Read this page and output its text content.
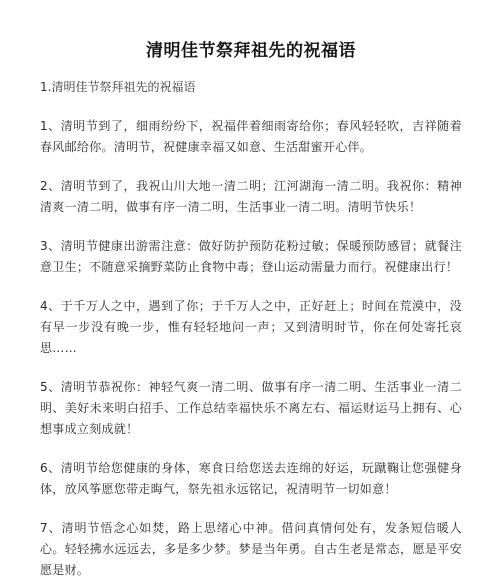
清明佳节祭拜祖先的祝福语

1.清明佳节祭拜祖先的祝福语

1、清明节到了，细雨纷纷下，祝福伴着细雨寄给你；春风轻轻吹，吉祥随着春风邮给你。清明节，祝健康幸福又如意、生活甜蜜开心伴。

2、清明节到了，我祝山川大地一清二明；江河湖海一清二明。我祝你：精神清爽一清二明，做事有序一清二明，生活事业一清二明。清明节快乐！

3、清明节健康出游需注意：做好防护预防花粉过敏；保暖预防感冒；就餐注意卫生；不随意采摘野菜防止食物中毒；登山运动需量力而行。祝健康出行！

4、于千万人之中，遇到了你；于千万人之中，正好赶上；时间在荒漠中，没有早一步没有晚一步，惟有轻轻地问一声；又到清明时节，你在何处寄托哀思……

5、清明节恭祝你：神轻气爽一清二明、做事有序一清二明、生活事业一清二明、美好未来明白招手、工作总结幸福快乐不离左右、福运财运马上拥有、心想事成立刻成就！

6、清明节给您健康的身体，寒食日给您送去连绵的好运，玩蹴鞠让您强健身体，放风筝愿您带走晦气，祭先祖永远铭记，祝清明节一切如意！

7、清明节悟念心如焚，路上思绪心中神。借问真情何处有，发条短信暖人心。轻轻拂水远远去，多是多少梦。梦是当年勇。自古生老是常态，愿是平安愿是财。
